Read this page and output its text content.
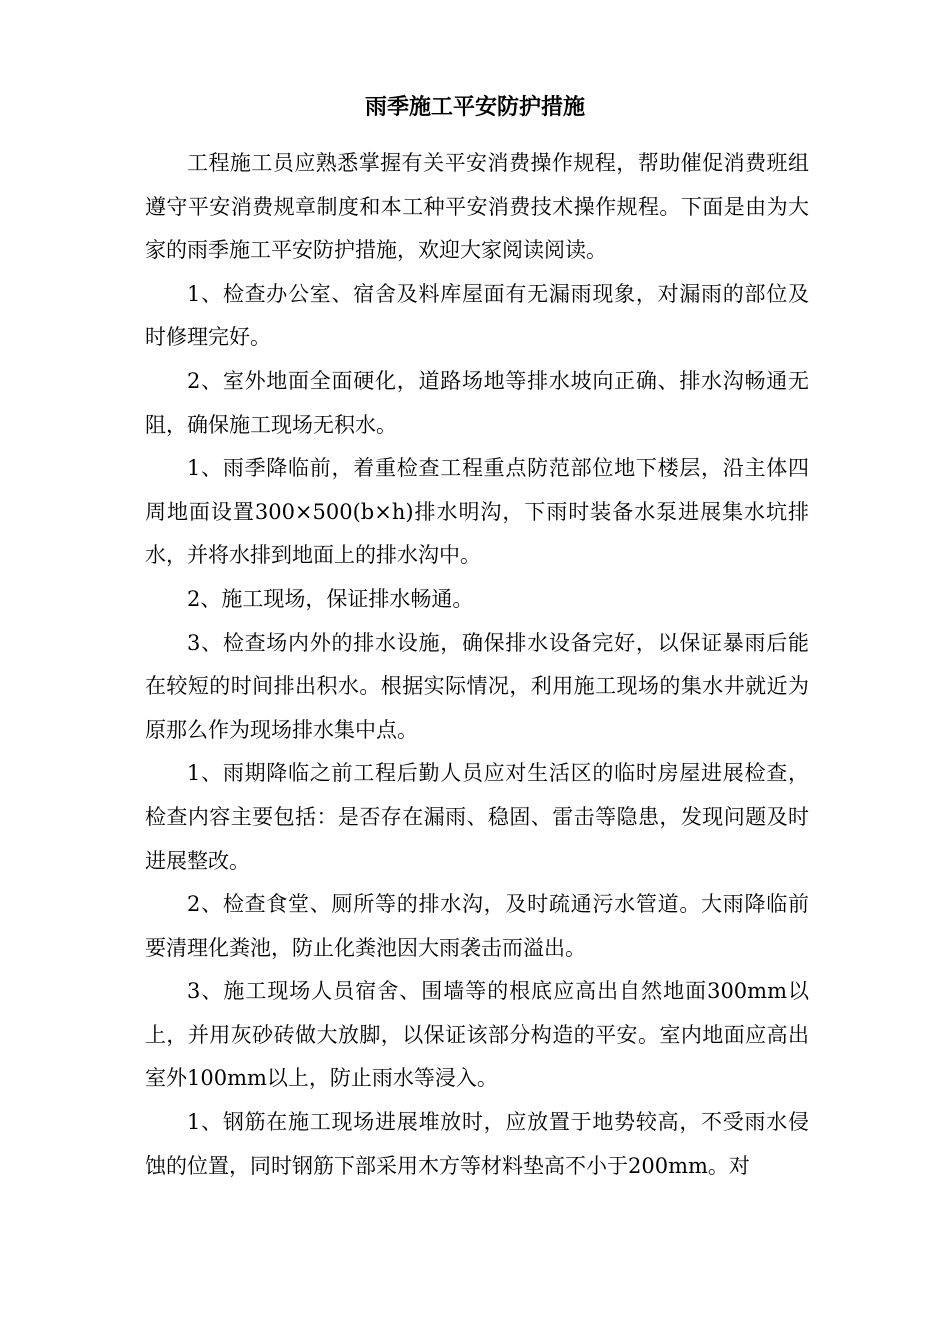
雨季施工平安防护措施

工程施工员应熟悉掌握有关平安消费操作规程，帮助催促消费班组遵守平安消费规章制度和本工种平安消费技术操作规程。下面是由为大家的雨季施工平安防护措施，欢迎大家阅读阅读。

1、检查办公室、宿舍及料库屋面有无漏雨现象，对漏雨的部位及时修理完好。

2、室外地面全面硬化，道路场地等排水坡向正确、排水沟畅通无阻，确保施工现场无积水。

1、雨季降临前，着重检查工程重点防范部位地下楼层，沿主体四周地面设置300×500(b×h)排水明沟，下雨时装备水泵进展集水坑排水，并将水排到地面上的排水沟中。

2、施工现场，保证排水畅通。

3、检查场内外的排水设施，确保排水设备完好，以保证暴雨后能在较短的时间排出积水。根据实际情况，利用施工现场的集水井就近为原那么作为现场排水集中点。

1、雨期降临之前工程后勤人员应对生活区的临时房屋进展检查，检查内容主要包括：是否存在漏雨、稳固、雷击等隐患，发现问题及时进展整改。

2、检查食堂、厕所等的排水沟，及时疏通污水管道。大雨降临前要清理化粪池，防止化粪池因大雨袭击而溢出。

3、施工现场人员宿舍、围墙等的根底应高出自然地面300mm以上，并用灰砂砖做大放脚，以保证该部分构造的平安。室内地面应高出室外100mm以上，防止雨水等浸入。

1、钢筋在施工现场进展堆放时，应放置于地势较高，不受雨水侵蚀的位置，同时钢筋下部采用木方等材料垫高不小于200mm。对
